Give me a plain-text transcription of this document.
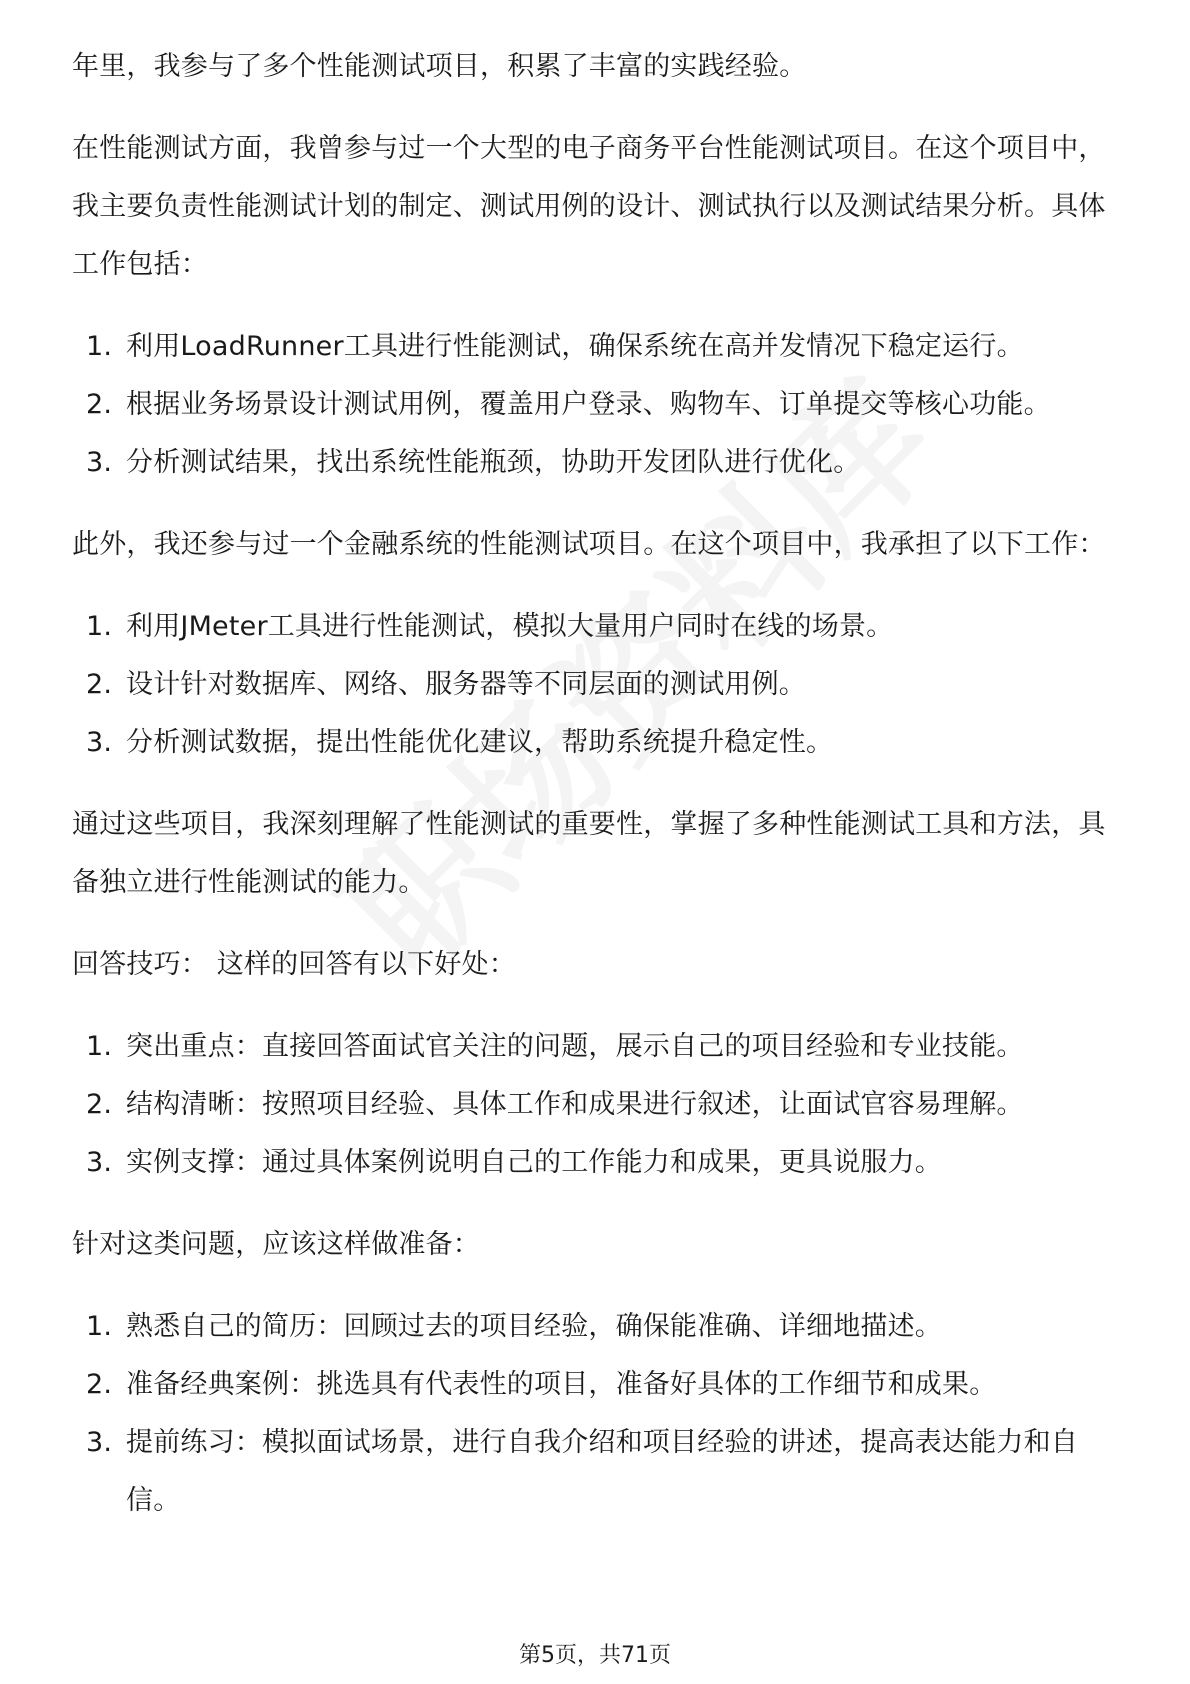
年里，我参与了多个性能测试项目，积累了丰富的实践经验。

在性能测试方面，我曾参与过一个大型的电子商务平台性能测试项目。在这个项目中，我主要负责性能测试计划的制定、测试用例的设计、测试执行以及测试结果分析。具体工作包括：

1. 利用LoadRunner工具进行性能测试，确保系统在高并发情况下稳定运行。
2. 根据业务场景设计测试用例，覆盖用户登录、购物车、订单提交等核心功能。
3. 分析测试结果，找出系统性能瓶颈，协助开发团队进行优化。

此外，我还参与过一个金融系统的性能测试项目。在这个项目中，我承担了以下工作：

1. 利用JMeter工具进行性能测试，模拟大量用户同时在线的场景。
2. 设计针对数据库、网络、服务器等不同层面的测试用例。
3. 分析测试数据，提出性能优化建议，帮助系统提升稳定性。

通过这些项目，我深刻理解了性能测试的重要性，掌握了多种性能测试工具和方法，具备独立进行性能测试的能力。

回答技巧： 这样的回答有以下好处：

1. 突出重点：直接回答面试官关注的问题，展示自己的项目经验和专业技能。
2. 结构清晰：按照项目经验、具体工作和成果进行叙述，让面试官容易理解。
3. 实例支撑：通过具体案例说明自己的工作能力和成果，更具说服力。

针对这类问题，应该这样做准备：

1. 熟悉自己的简历：回顾过去的项目经验，确保能准确、详细地描述。
2. 准备经典案例：挑选具有代表性的项目，准备好具体的工作细节和成果。
3. 提前练习：模拟面试场景，进行自我介绍和项目经验的讲述，提高表达能力和自信。
第5页，共71页
